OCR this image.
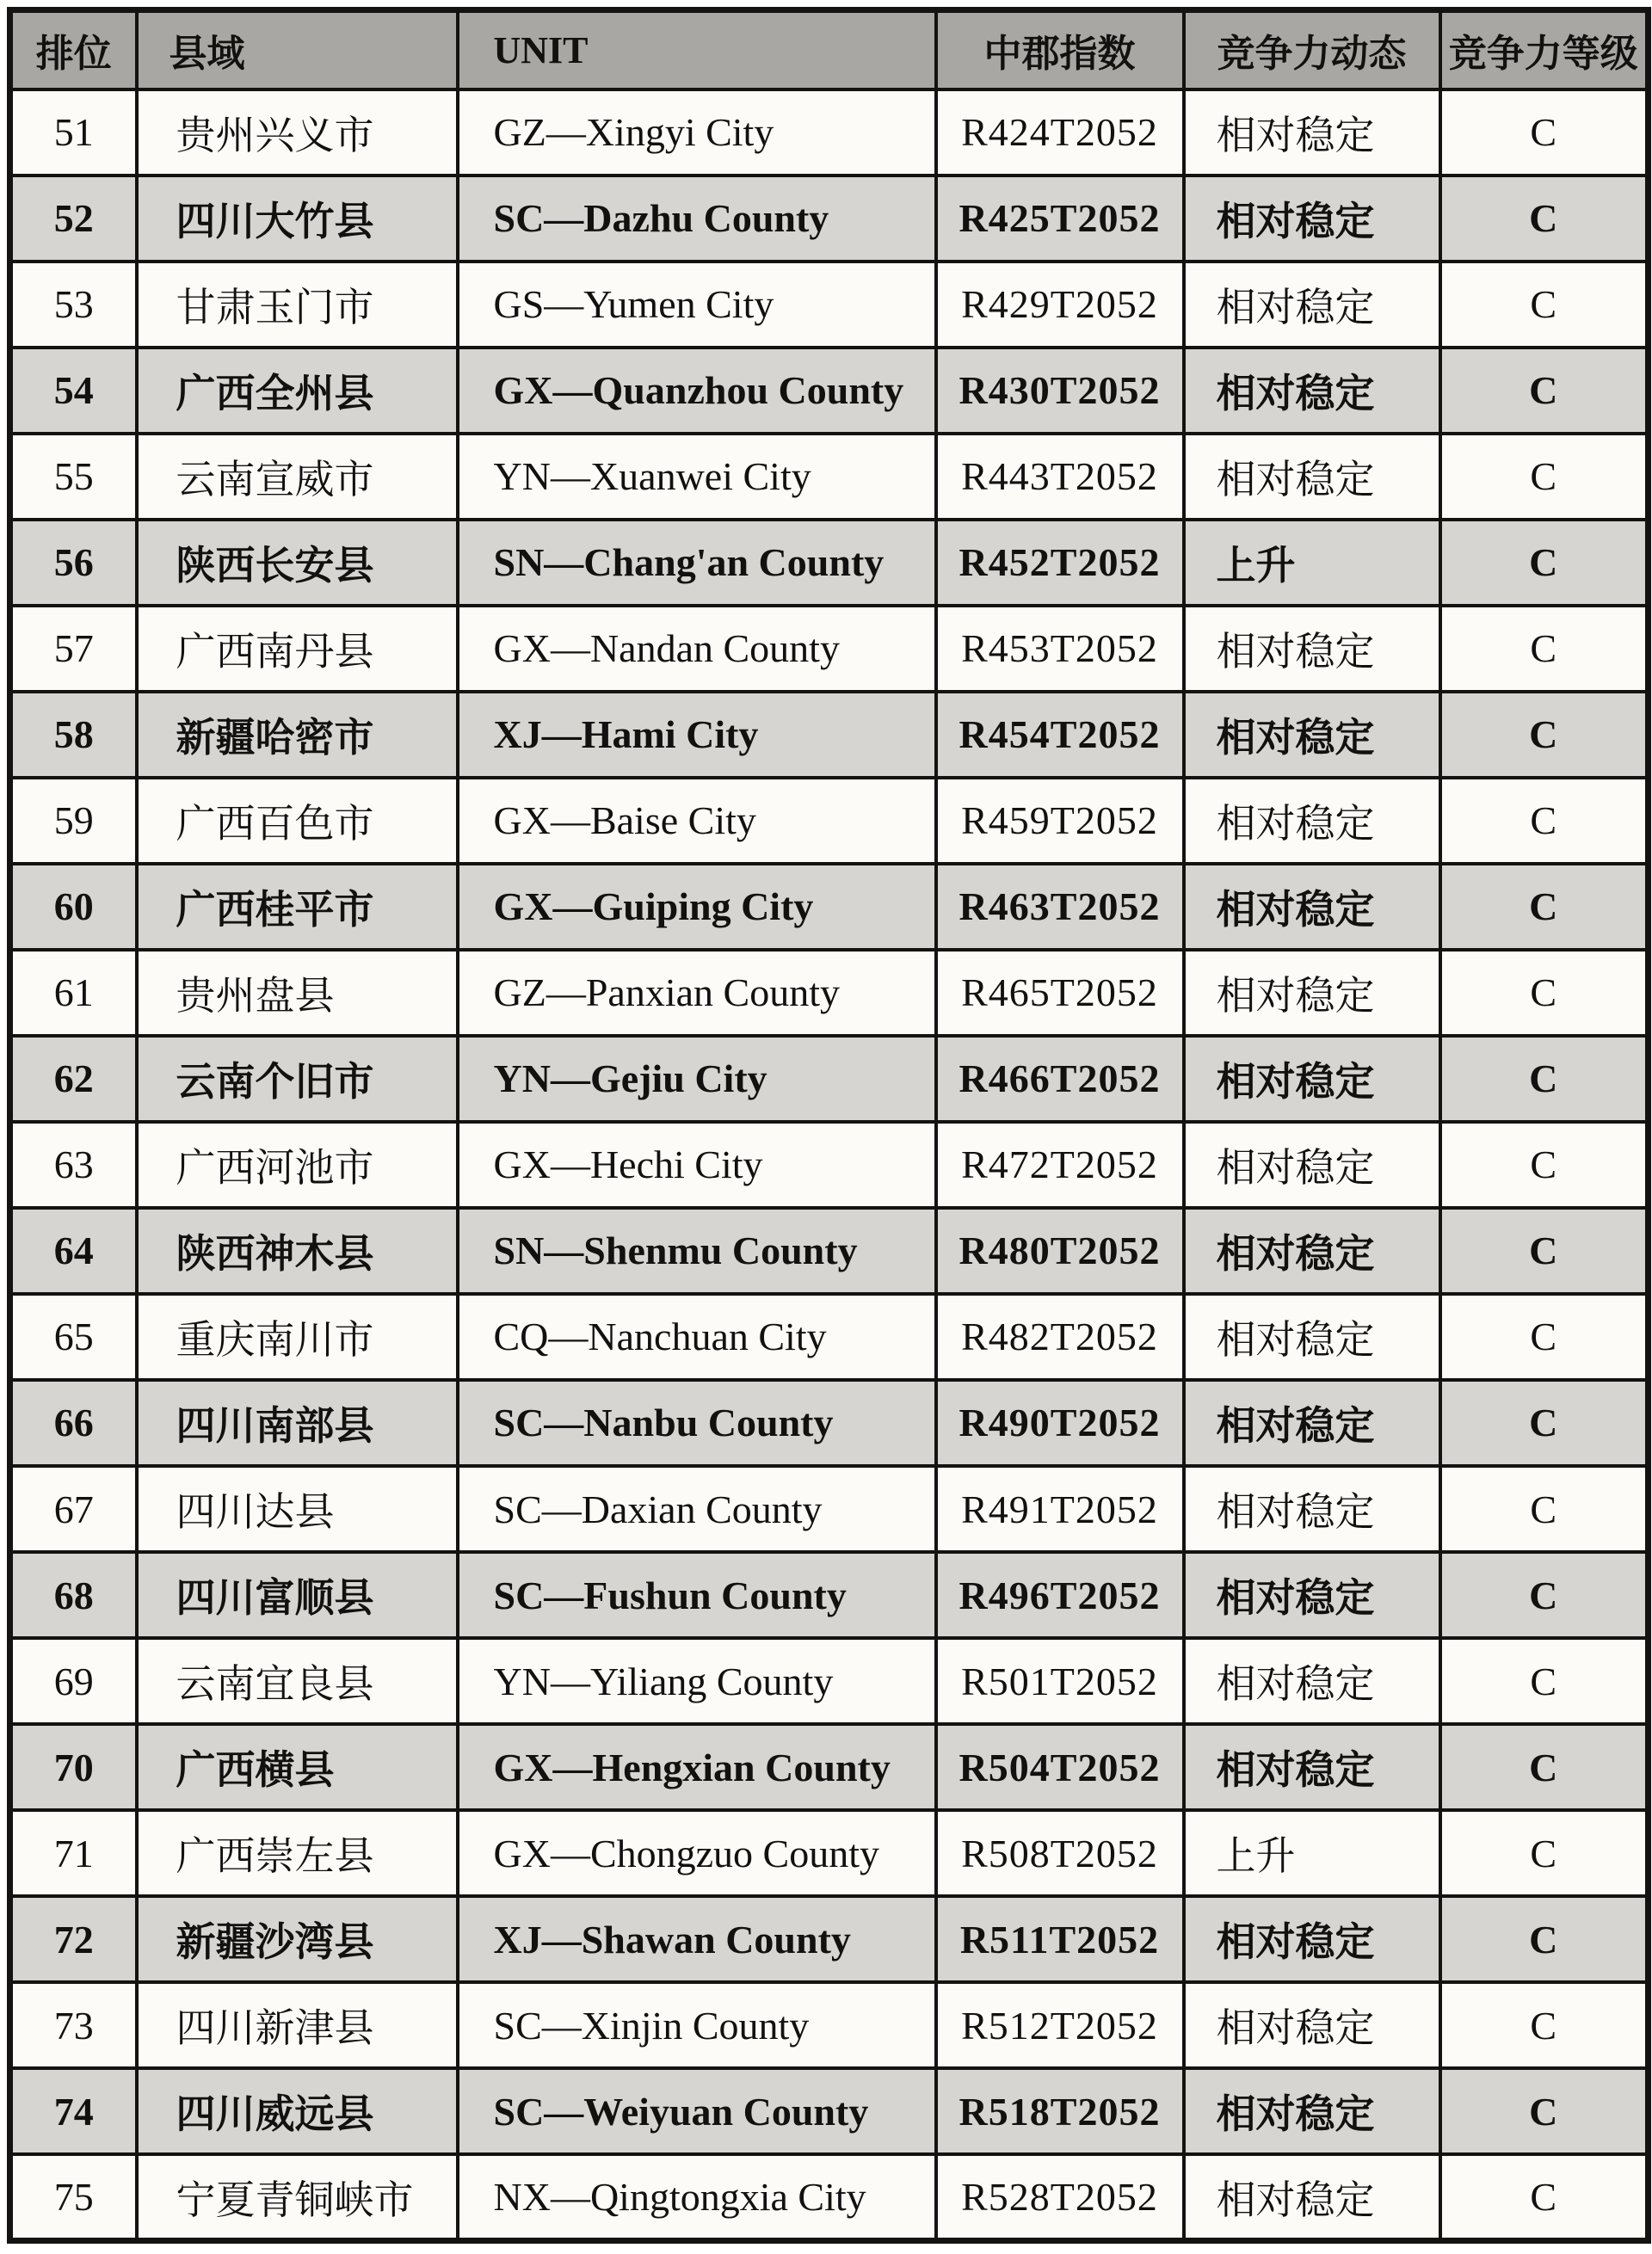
排位	县域	UNIT	中郡指数	竞争力动态	竞争力等级
51	贵州兴义市	GZ—Xingyi City	R424T2052	相对稳定	C
52	四川大竹县	SC—Dazhu County	R425T2052	相对稳定	C
53	甘肃玉门市	GS—Yumen City	R429T2052	相对稳定	C
54	广西全州县	GX—Quanzhou County	R430T2052	相对稳定	C
55	云南宣威市	YN—Xuanwei City	R443T2052	相对稳定	C
56	陕西长安县	SN—Chang'an County	R452T2052	上升	C
57	广西南丹县	GX—Nandan County	R453T2052	相对稳定	C
58	新疆哈密市	XJ—Hami City	R454T2052	相对稳定	C
59	广西百色市	GX—Baise City	R459T2052	相对稳定	C
60	广西桂平市	GX—Guiping City	R463T2052	相对稳定	C
61	贵州盘县	GZ—Panxian County	R465T2052	相对稳定	C
62	云南个旧市	YN—Gejiu City	R466T2052	相对稳定	C
63	广西河池市	GX—Hechi City	R472T2052	相对稳定	C
64	陕西神木县	SN—Shenmu County	R480T2052	相对稳定	C
65	重庆南川市	CQ—Nanchuan City	R482T2052	相对稳定	C
66	四川南部县	SC—Nanbu County	R490T2052	相对稳定	C
67	四川达县	SC—Daxian County	R491T2052	相对稳定	C
68	四川富顺县	SC—Fushun County	R496T2052	相对稳定	C
69	云南宜良县	YN—Yiliang County	R501T2052	相对稳定	C
70	广西横县	GX—Hengxian County	R504T2052	相对稳定	C
71	广西崇左县	GX—Chongzuo County	R508T2052	上升	C
72	新疆沙湾县	XJ—Shawan County	R511T2052	相对稳定	C
73	四川新津县	SC—Xinjin County	R512T2052	相对稳定	C
74	四川威远县	SC—Weiyuan County	R518T2052	相对稳定	C
75	宁夏青铜峡市	NX—Qingtongxia City	R528T2052	相对稳定	C
